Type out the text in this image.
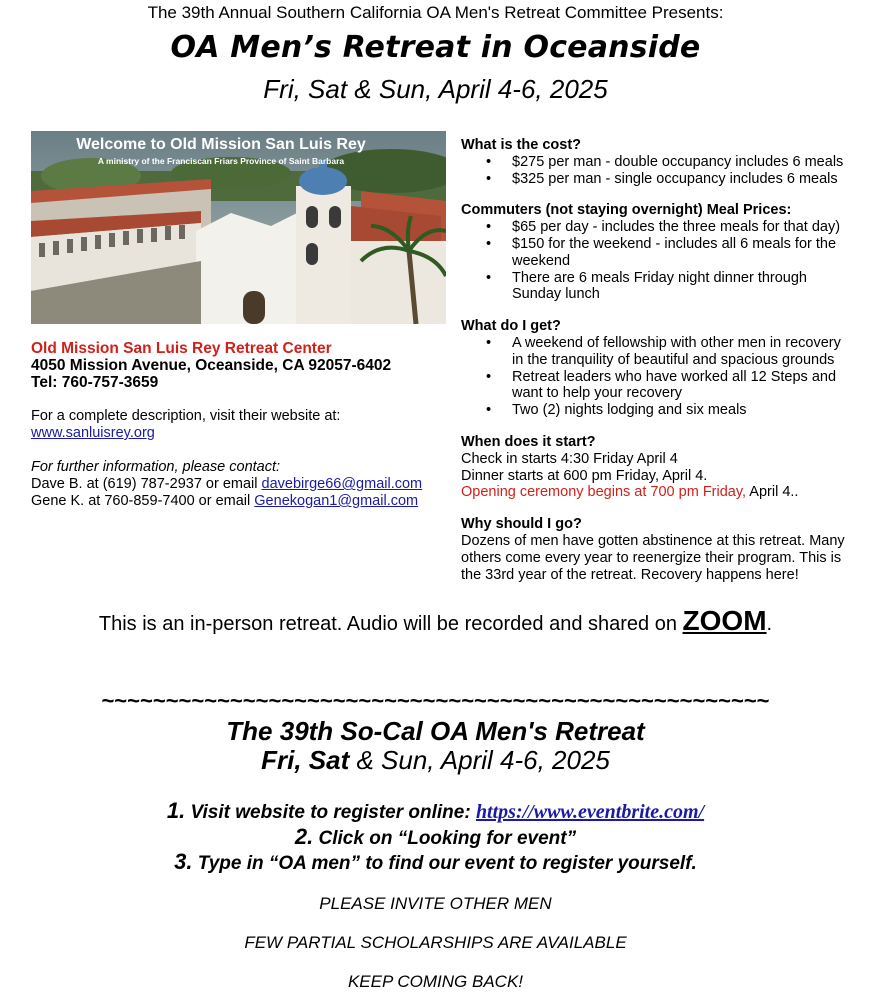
The 39th Annual Southern California OA Men's Retreat Committee Presents:
OA Men’s Retreat in Oceanside
Fri, Sat & Sun, April 4-6, 2025
Welcome to Old Mission San Luis Rey
A ministry of the Franciscan Friars Province of Saint Barbara
Old Mission San Luis Rey Retreat Center
4050 Mission Avenue, Oceanside, CA 92057-6402
Tel: 760-757-3659
For a complete description, visit their website at:
www.sanluisrey.org
For further information, please contact:
Dave B. at (619) 787-2937 or email davebirge66@gmail.com
Gene K. at 760-859-7400 or email Genekogan1@gmail.com
What is the cost?
• $275 per man - double occupancy includes 6 meals
• $325 per man - single occupancy includes 6 meals
Commuters (not staying overnight) Meal Prices:
• $65 per day - includes the three meals for that day)
• $150 for the weekend - includes all 6 meals for the weekend
• There are 6 meals Friday night dinner through Sunday lunch
What do I get?
• A weekend of fellowship with other men in recovery in the tranquility of beautiful and spacious grounds
• Retreat leaders who have worked all 12 Steps and want to help your recovery
• Two (2) nights lodging and six meals
When does it start?
Check in starts 4:30 Friday April 4
Dinner starts at 600 pm Friday, April 4.
Opening ceremony begins at 700 pm Friday, April 4..
Why should I go?
Dozens of men have gotten abstinence at this retreat. Many others come every year to reenergize their program. This is the 33rd year of the retreat. Recovery happens here!
This is an in-person retreat. Audio will be recorded and shared on ZOOM.
~~~~~~~~~~~~~~~~~~~~~~~~~~~~~~~~~~~~~~~~~~~~~~~~~~~~
The 39th So-Cal OA Men's Retreat
Fri, Sat & Sun, April 4-6, 2025
1. Visit website to register online: https://www.eventbrite.com/
2. Click on “Looking for event”
3. Type in “OA men” to find our event to register yourself.
PLEASE INVITE OTHER MEN
FEW PARTIAL SCHOLARSHIPS ARE AVAILABLE
KEEP COMING BACK!
